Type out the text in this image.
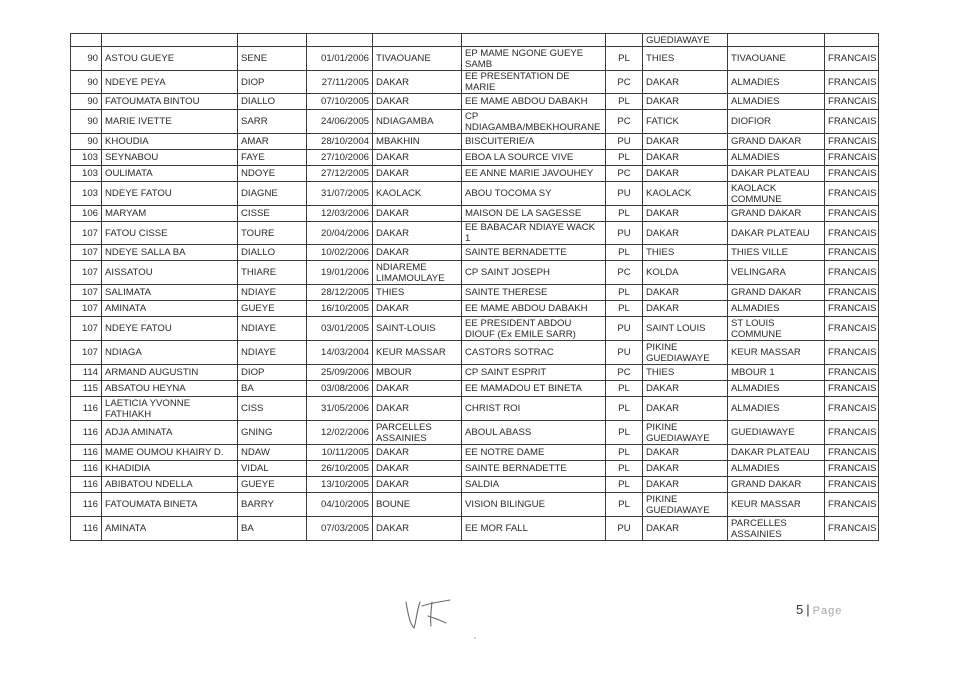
							GUEDIAWAYE		
90	ASTOU GUEYE	SENE	01/01/2006	TIVAOUANE	EP MAME NGONE GUEYE SAMB	PL	THIES	TIVAOUANE	FRANCAIS
90	NDEYE PEYA	DIOP	27/11/2005	DAKAR	EE PRESENTATION DE MARIE	PC	DAKAR	ALMADIES	FRANCAIS
90	FATOUMATA BINTOU	DIALLO	07/10/2005	DAKAR	EE MAME ABDOU DABAKH	PL	DAKAR	ALMADIES	FRANCAIS
90	MARIE IVETTE	SARR	24/06/2005	NDIAGAMBA	CP NDIAGAMBA/MBEKHOURANE	PC	FATICK	DIOFIOR	FRANCAIS
90	KHOUDIA	AMAR	28/10/2004	MBAKHIN	BISCUITERIE/A	PU	DAKAR	GRAND DAKAR	FRANCAIS
103	SEYNABOU	FAYE	27/10/2006	DAKAR	EBOA LA SOURCE VIVE	PL	DAKAR	ALMADIES	FRANCAIS
103	OULIMATA	NDOYE	27/12/2005	DAKAR	EE ANNE MARIE JAVOUHEY	PC	DAKAR	DAKAR PLATEAU	FRANCAIS
103	NDEYE FATOU	DIAGNE	31/07/2005	KAOLACK	ABOU TOCOMA SY	PU	KAOLACK	KAOLACK COMMUNE	FRANCAIS
106	MARYAM	CISSE	12/03/2006	DAKAR	MAISON DE LA SAGESSE	PL	DAKAR	GRAND DAKAR	FRANCAIS
107	FATOU CISSE	TOURE	20/04/2006	DAKAR	EE BABACAR NDIAYE WACK 1	PU	DAKAR	DAKAR PLATEAU	FRANCAIS
107	NDEYE SALLA BA	DIALLO	10/02/2006	DAKAR	SAINTE BERNADETTE	PL	THIES	THIES VILLE	FRANCAIS
107	AISSATOU	THIARE	19/01/2006	NDIAREME LIMAMOULAYE	CP SAINT JOSEPH	PC	KOLDA	VELINGARA	FRANCAIS
107	SALIMATA	NDIAYE	28/12/2005	THIES	SAINTE THERESE	PL	DAKAR	GRAND DAKAR	FRANCAIS
107	AMINATA	GUEYE	16/10/2005	DAKAR	EE MAME ABDOU DABAKH	PL	DAKAR	ALMADIES	FRANCAIS
107	NDEYE FATOU	NDIAYE	03/01/2005	SAINT-LOUIS	EE PRESIDENT ABDOU DIOUF (Ex EMILE SARR)	PU	SAINT LOUIS	ST LOUIS COMMUNE	FRANCAIS
107	NDIAGA	NDIAYE	14/03/2004	KEUR MASSAR	CASTORS SOTRAC	PU	PIKINE GUEDIAWAYE	KEUR MASSAR	FRANCAIS
114	ARMAND AUGUSTIN	DIOP	25/09/2006	MBOUR	CP SAINT ESPRIT	PC	THIES	MBOUR 1	FRANCAIS
115	ABSATOU HEYNA	BA	03/08/2006	DAKAR	EE MAMADOU ET BINETA	PL	DAKAR	ALMADIES	FRANCAIS
116	LAETICIA YVONNE FATHIAKH	CISS	31/05/2006	DAKAR	CHRIST ROI	PL	DAKAR	ALMADIES	FRANCAIS
116	ADJA AMINATA	GNING	12/02/2006	PARCELLES ASSAINIES	ABOUL ABASS	PL	PIKINE GUEDIAWAYE	GUEDIAWAYE	FRANCAIS
116	MAME OUMOU KHAIRY D.	NDAW	10/11/2005	DAKAR	EE NOTRE DAME	PL	DAKAR	DAKAR PLATEAU	FRANCAIS
116	KHADIDIA	VIDAL	26/10/2005	DAKAR	SAINTE BERNADETTE	PL	DAKAR	ALMADIES	FRANCAIS
116	ABIBATOU NDELLA	GUEYE	13/10/2005	DAKAR	SALDIA	PL	DAKAR	GRAND DAKAR	FRANCAIS
116	FATOUMATA BINETA	BARRY	04/10/2005	BOUNE	VISION BILINGUE	PL	PIKINE GUEDIAWAYE	KEUR MASSAR	FRANCAIS
116	AMINATA	BA	07/03/2005	DAKAR	EE MOR FALL	PU	DAKAR	PARCELLES ASSAINIES	FRANCAIS
5 | Page
